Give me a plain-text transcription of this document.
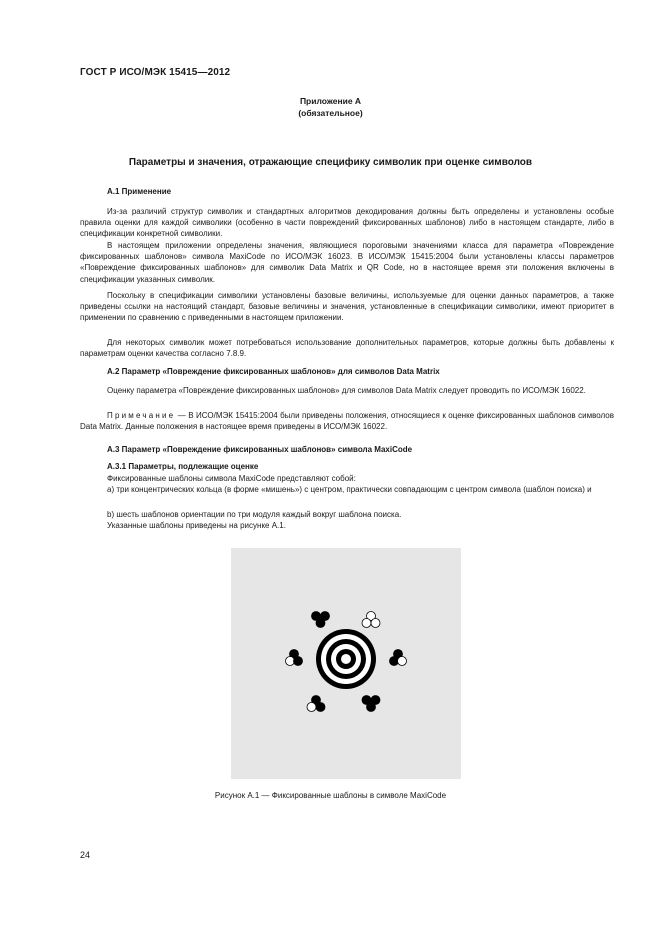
ГОСТ Р ИСО/МЭК 15415—2012
Приложение А
(обязательное)
Параметры и значения, отражающие специфику символик при оценке символов
А.1 Применение
Из-за различий структур символик и стандартных алгоритмов декодирования должны быть определены и установлены особые правила оценки для каждой символики (особенно в части повреждений фиксированных шаблонов) либо в настоящем стандарте, либо в спецификации конкретной символики.
В настоящем приложении определены значения, являющиеся пороговыми значениями класса для параметра «Повреждение фиксированных шаблонов» символа MaxiCode по ИСО/МЭК 16023. В ИСО/МЭК 15415:2004 были установлены классы параметров «Повреждение фиксированных шаблонов» для символик Data Matrix и QR Code, но в настоящее время эти положения включены в спецификации указанных символик.
Поскольку в спецификации символики установлены базовые величины, используемые для оценки данных параметров, а также приведены ссылки на настоящий стандарт, базовые величины и значения, установленные в спецификации символики, имеют приоритет в применении по сравнению с приведенными в настоящем приложении.
Для некоторых символик может потребоваться использование дополнительных параметров, которые должны быть добавлены к параметрам оценки качества согласно 7.8.9.
А.2 Параметр «Повреждение фиксированных шаблонов» для символов Data Matrix
Оценку параметра «Повреждение фиксированных шаблонов» для символов Data Matrix следует проводить по ИСО/МЭК 16022.
Примечание — В ИСО/МЭК 15415:2004 были приведены положения, относящиеся к оценке фиксированных шаблонов символов Data Matrix. Данные положения в настоящее время приведены в ИСО/МЭК 16022.
А.3 Параметр «Повреждение фиксированных шаблонов» символа MaxiCode
А.3.1 Параметры, подлежащие оценке
Фиксированные шаблоны символа MaxiCode представляют собой:
a) три концентрических кольца (в форме «мишень») с центром, практически совпадающим с центром символа (шаблон поиска) и
b) шесть шаблонов ориентации по три модуля каждый вокруг шаблона поиска.
Указанные шаблоны приведены на рисунке А.1.
Рисунок А.1 — Фиксированные шаблоны в символе MaxiCode
24
